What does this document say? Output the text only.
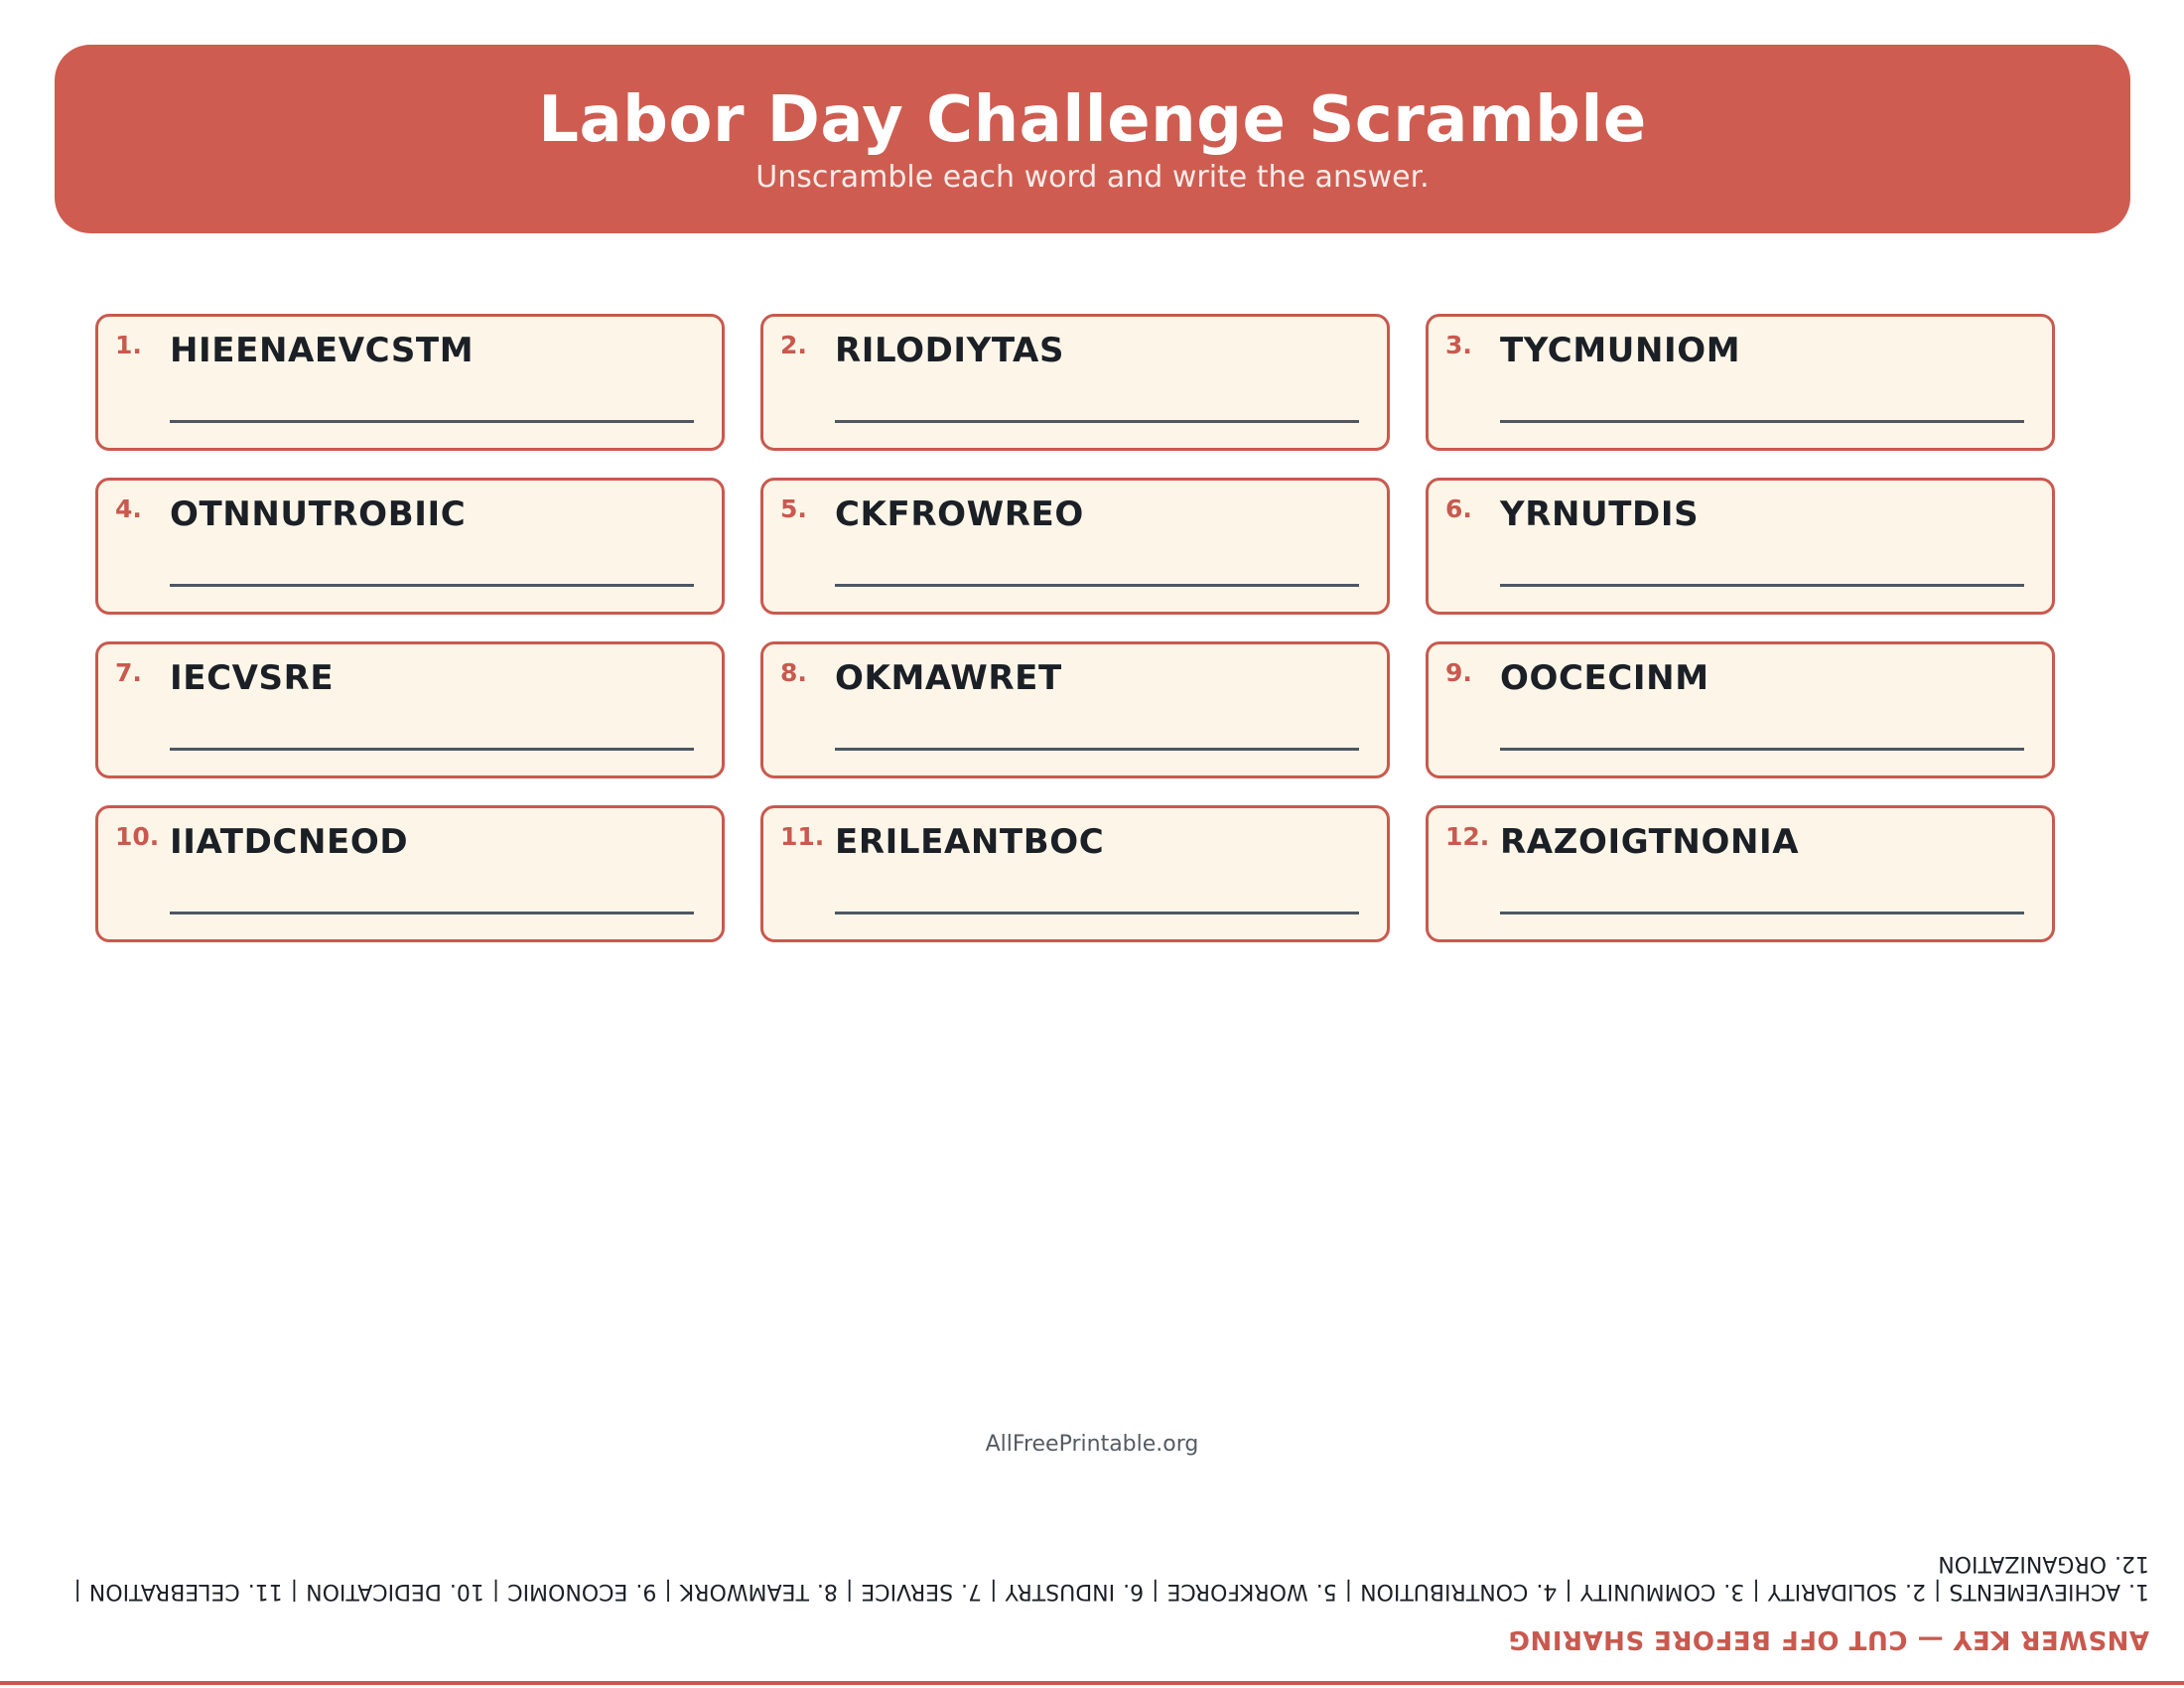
Labor Day Challenge Scramble
Unscramble each word and write the answer.
1. HIEENAEVCSTM	2. RILODIYTAS	3. TYCMUNIOM
4. OTNNUTROBIIC	5. CKFROWREO	6. YRNUTDIS
7. IECVSRE	8. OKMAWRET	9. OOCECINM
10. IIATDCNEOD	11. ERILEANTBOC	12. RAZOIGTNONIA
AllFreePrintable.org
ANSWER KEY — CUT OFF BEFORE SHARING
1. ACHIEVEMENTS | 2. SOLIDARITY | 3. COMMUNITY | 4. CONTRIBUTION | 5. WORKFORCE | 6. INDUSTRY | 7. SERVICE | 8. TEAMWORK | 9. ECONOMIC | 10. DEDICATION | 11. CELEBRATION | 12. ORGANIZATION
